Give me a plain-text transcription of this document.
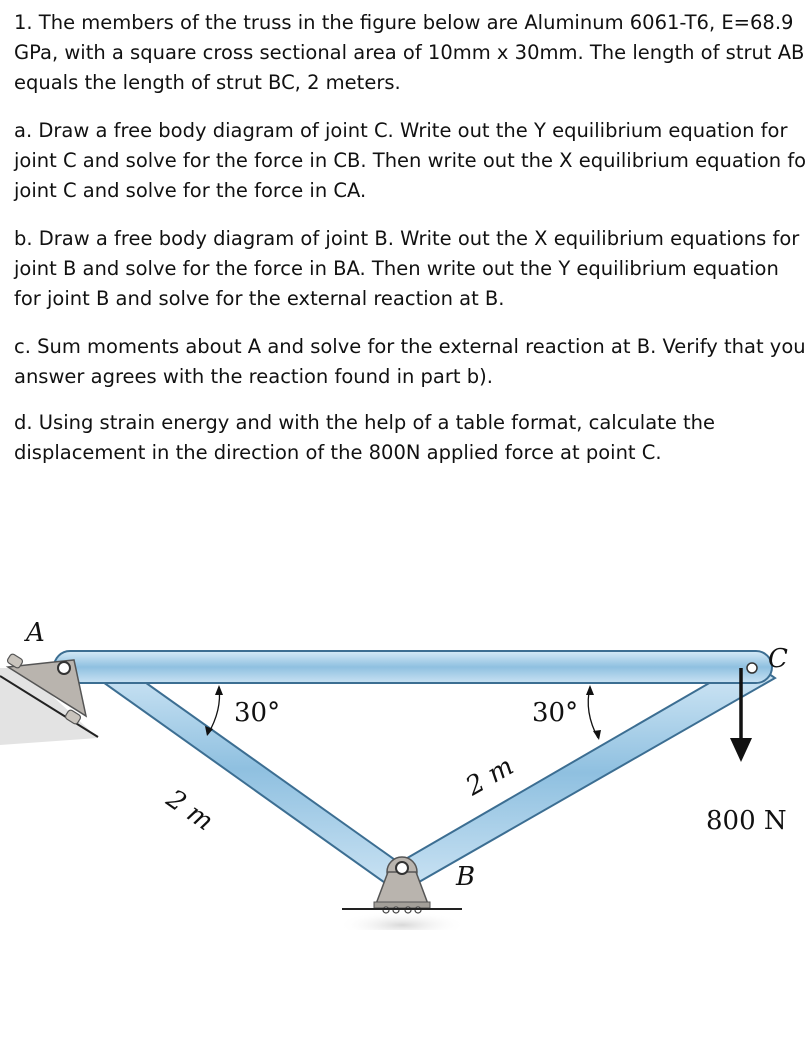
1. The members of the truss in the figure below are Aluminum 6061-T6, E=68.9
GPa, with a square cross sectional area of 10mm x 30mm. The length of strut AB
equals the length of strut BC, 2 meters.

a. Draw a free body diagram of joint C. Write out the Y equilibrium equation for
joint C and solve for the force in CB. Then write out the X equilibrium equation fo
joint C and solve for the force in CA.

b. Draw a free body diagram of joint B. Write out the X equilibrium equations for
joint B and solve for the force in BA. Then write out the Y equilibrium equation
for joint B and solve for the external reaction at B.

c. Sum moments about A and solve for the external reaction at B. Verify that you
answer agrees with the reaction found in part b).

d. Using strain energy and with the help of a table format, calculate the
displacement in the direction of the 800N applied force at point C.

A
C
B
30°	30°
2 m
2 m
800 N
